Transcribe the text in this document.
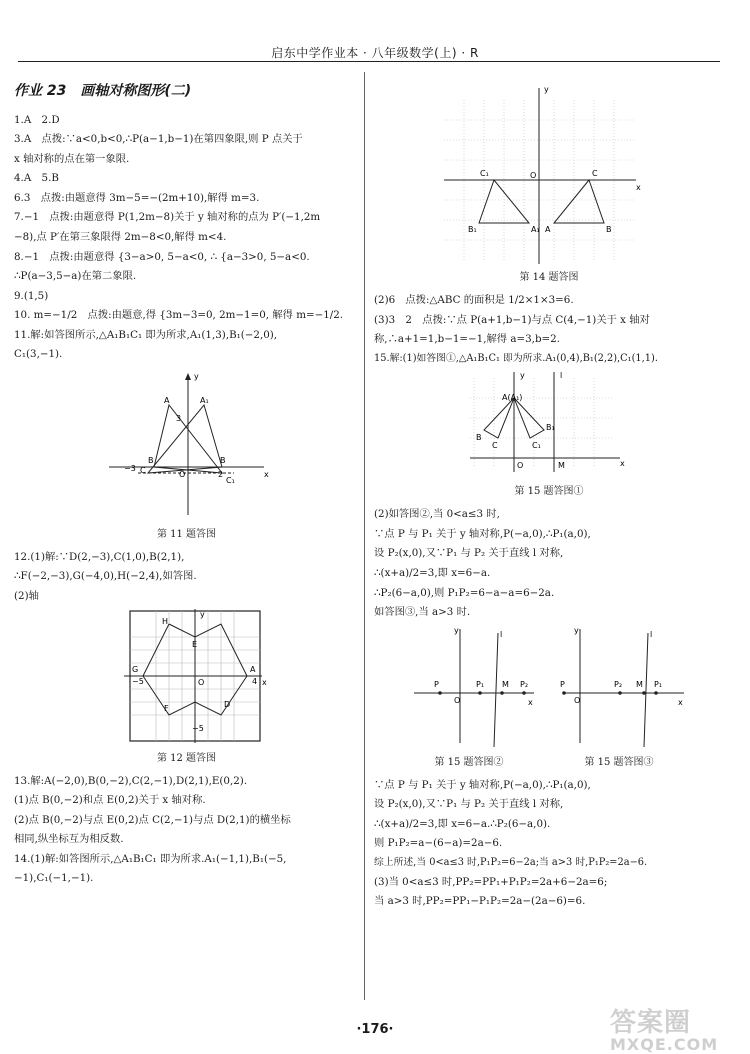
启东中学作业本 · 八年级数学(上) · R
作业 23　画轴对称图形(二)
1.A　2.D
3.A　点拨:∵a<0,b<0,∴P(a−1,b−1)在第四象限,则 P 点关于
x 轴对称的点在第一象限.
4.A　5.B
6.3　点拨:由题意得 3m−5=−(2m+10),解得 m=3.
7.−1　点拨:由题意得 P(1,2m−8)关于 y 轴对称的点为 P′(−1,2m
−8),点 P′在第三象限得 2m−8<0,解得 m<4.
8.−1　点拨:由题意得 {3−a>0, 5−a<0, ∴ {a−3>0, 5−a<0.
∴P(a−3,5−a)在第二象限.
9.(1,5)
10. m=−1/2　点拨:由题意,得 {3m−3=0, 2m−1=0, 解得 m=−1/2.
11.解:如答图所示,△A₁B₁C₁ 即为所求,A₁(1,3),B₁(−2,0),
C₁(3,−1).
y
x
O
A	A₁
3
B	B
−3
2
C₁
C
第 11 题答图
12.(1)解:∵D(2,−3),C(1,0),B(2,1),
∴F(−2,−3),G(−4,0),H(−2,4),如答图.
(2)轴
y
x
H
E
G	A
O
F	D
−5
−5	4
第 12 题答图
13.解:A(−2,0),B(0,−2),C(2,−1),D(2,1),E(0,2).
(1)点 B(0,−2)和点 E(0,2)关于 x 轴对称.
(2)点 B(0,−2)与点 E(0,2)点 C(2,−1)与点 D(2,1)的横坐标
相同,纵坐标互为相反数.
14.(1)解:如答图所示,△A₁B₁C₁ 即为所求.A₁(−1,1),B₁(−5,
−1),C₁(−1,−1).
y
x
O
C₁	C
B₁	A₁ A	B
第 14 题答图
(2)6　点拨:△ABC 的面积是 1/2×1×3=6.
(3)3　2　点拨:∵点 P(a+1,b−1)与点 C(4,−1)关于 x 轴对
称,∴a+1=1,b−1=−1,解得 a=3,b=2.
15.解:(1)如答图①,△A₁B₁C₁ 即为所求.A₁(0,4),B₁(2,2),C₁(1,1).
y	l
x
A(A₁)
B
C
B₁
C₁
O	M
第 15 题答图①
(2)如答图②,当 0<a≤3 时,
∵点 P 与 P₁ 关于 y 轴对称,P(−a,0),∴P₁(a,0),
设 P₂(x,0),又∵P₁ 与 P₂ 关于直线 l 对称,
∴(x+a)/2=3,即 x=6−a.
∴P₂(6−a,0),则 P₁P₂=6−a−a=6−2a.
如答图③,当 a>3 时.
y	l
x
P
O
P₁ M P₂
y	l
x
P
O
P₂ M P₁
第 15 题答图②	第 15 题答图③
∵点 P 与 P₁ 关于 y 轴对称,P(−a,0),∴P₁(a,0),
设 P₂(x,0),又∵P₁ 与 P₂ 关于直线 l 对称,
∴(x+a)/2=3,即 x=6−a.∴P₂(6−a,0).
则 P₁P₂=a−(6−a)=2a−6.
综上所述,当 0<a≤3 时,P₁P₂=6−2a;当 a>3 时,P₁P₂=2a−6.
(3)当 0<a≤3 时,PP₂=PP₁+P₁P₂=2a+6−2a=6;
当 a>3 时,PP₂=PP₁−P₁P₂=2a−(2a−6)=6.
·176·	答案圈
MXQE.COM
